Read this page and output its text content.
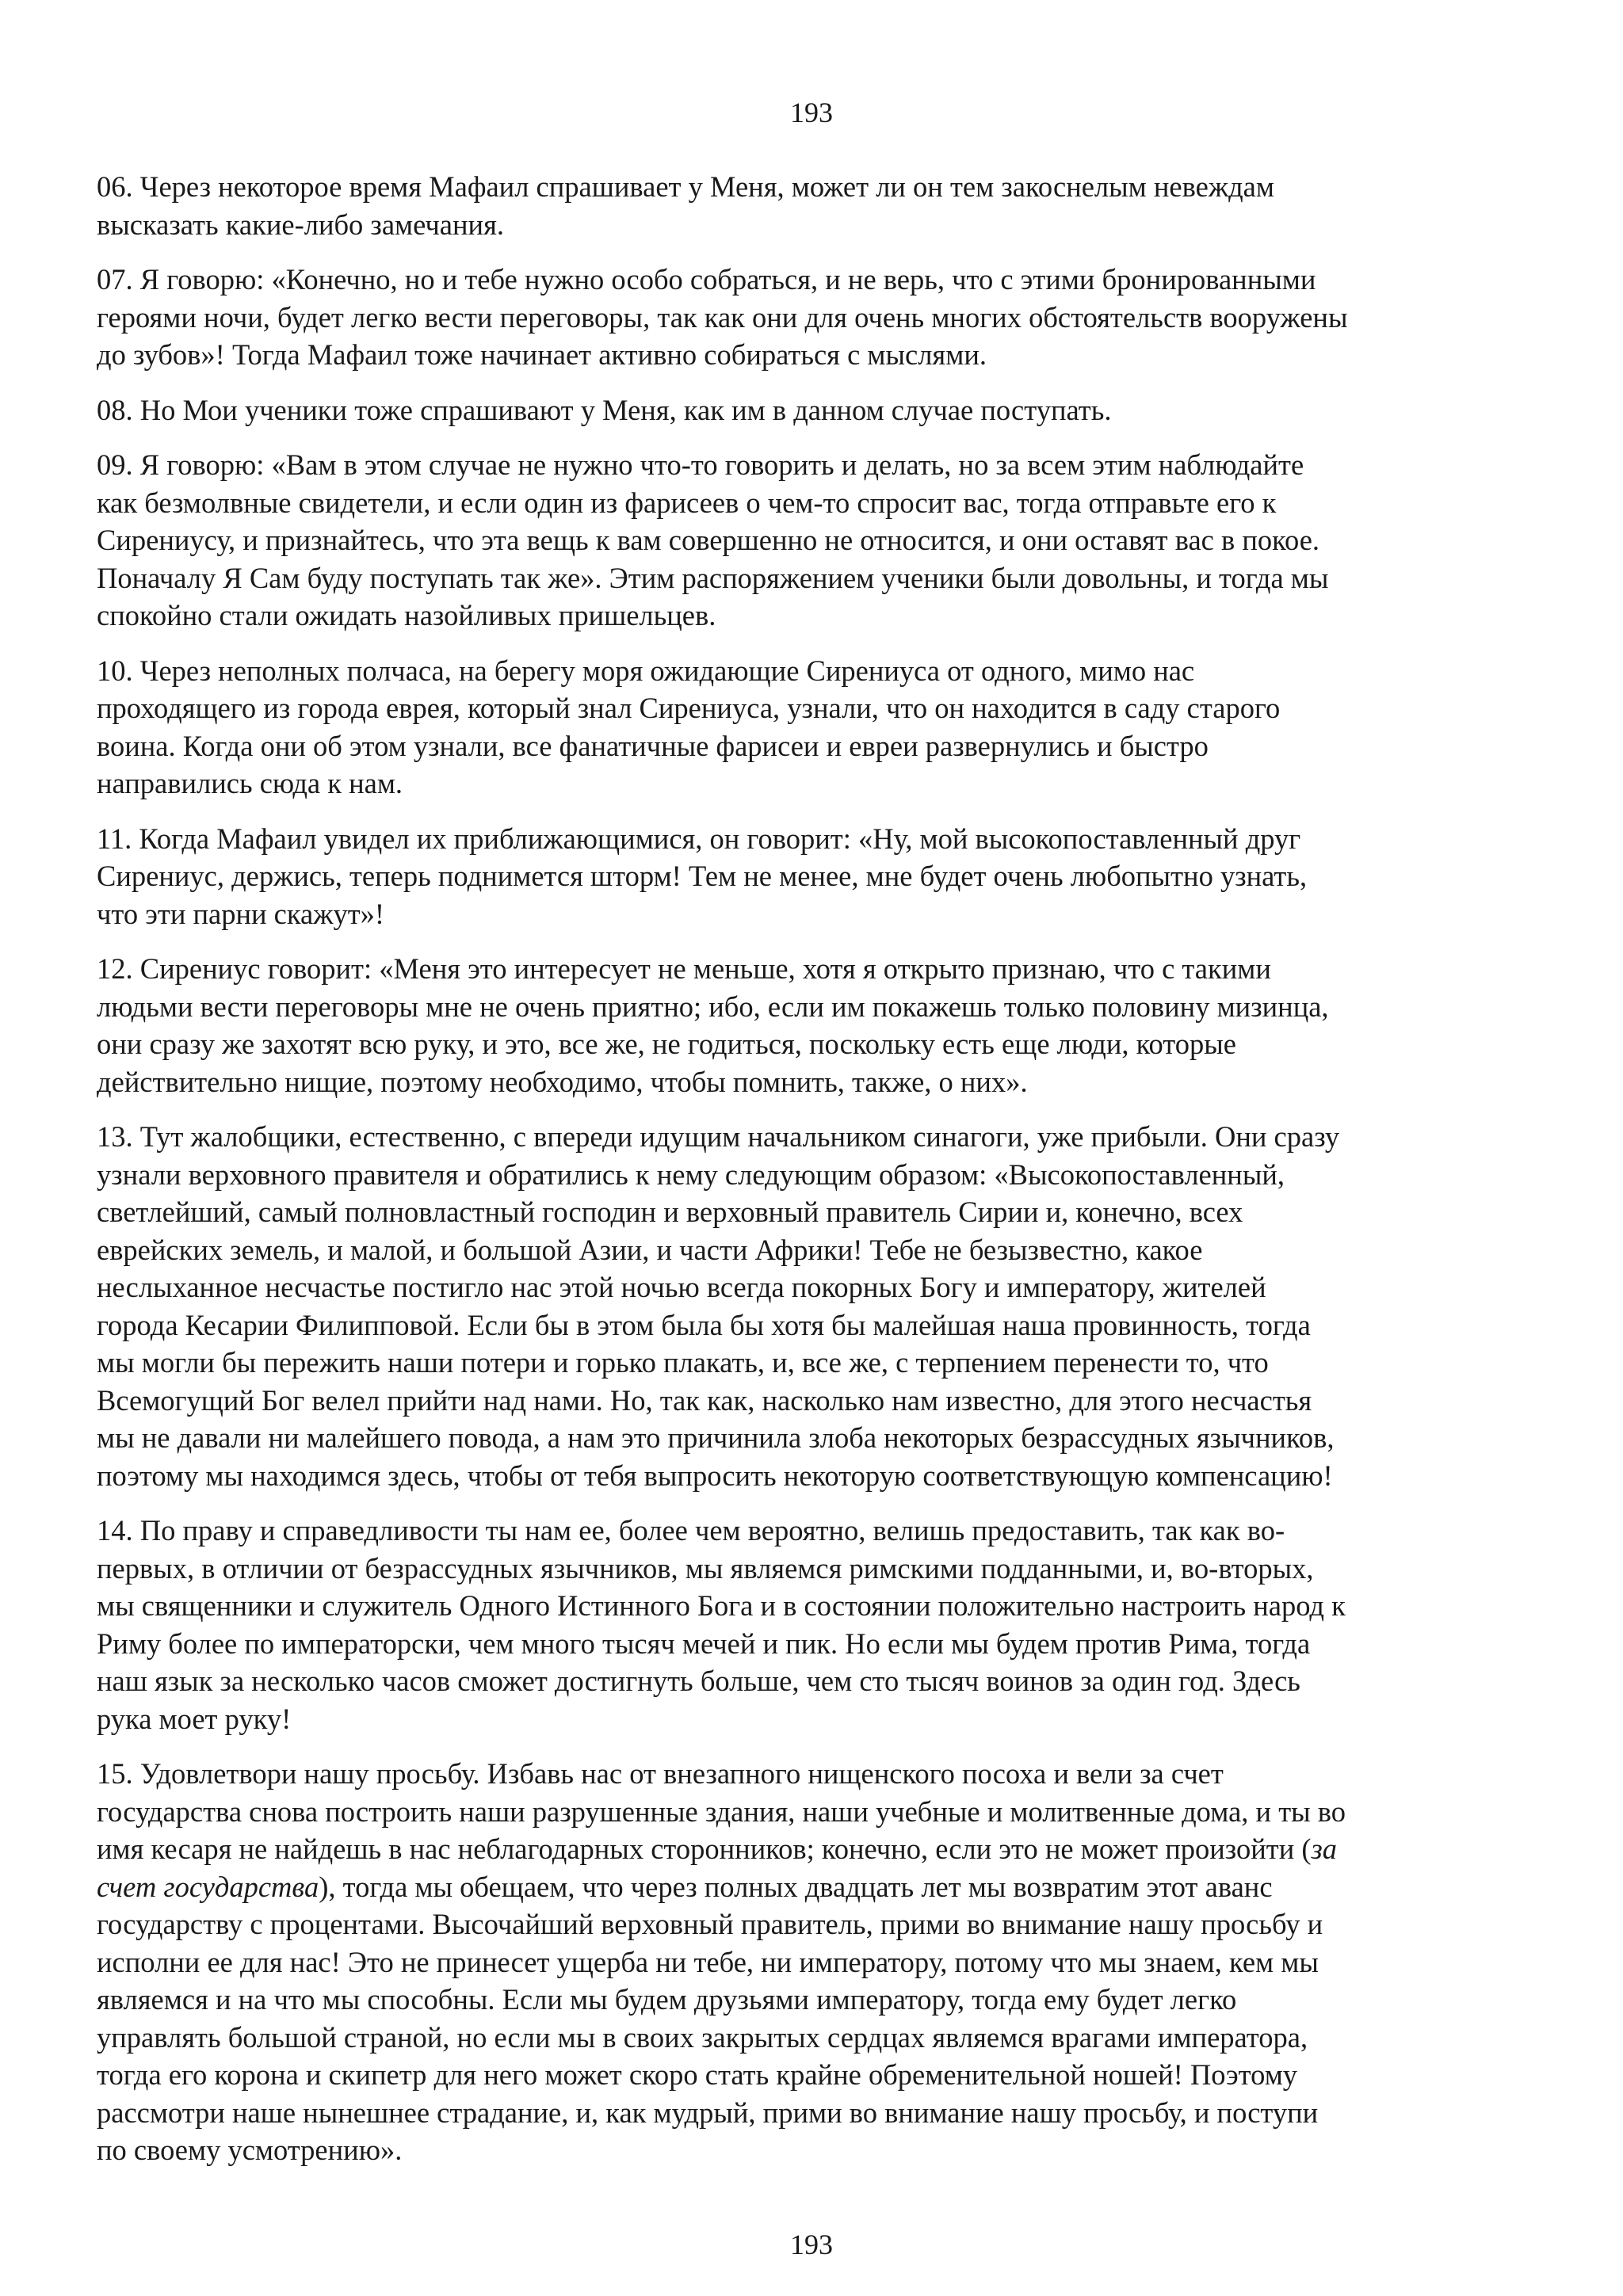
193

06. Через некоторое время Мафаил спрашивает у Меня, может ли он тем закоснелым невеждам
высказать какие-либо замечания.

07. Я говорю: «Конечно, но и тебе нужно особо собраться, и не верь, что с этими бронированными
героями ночи, будет легко вести переговоры, так как они для очень многих обстоятельств вооружены
до зубов»! Тогда Мафаил тоже начинает активно собираться с мыслями.

08. Но Мои ученики тоже спрашивают у Меня, как им в данном случае поступать.

09. Я говорю: «Вам в этом случае не нужно что-то говорить и делать, но за всем этим наблюдайте
как безмолвные свидетели, и если один из фарисеев о чем-то спросит вас, тогда отправьте его к
Сирениусу, и признайтесь, что эта вещь к вам совершенно не относится, и они оставят вас в покое.
Поначалу Я Сам буду поступать так же». Этим распоряжением ученики были довольны, и тогда мы
спокойно стали ожидать назойливых пришельцев.

10. Через неполных полчаса, на берегу моря ожидающие Сирениуса от одного, мимо нас
проходящего из города еврея, который знал Сирениуса, узнали, что он находится в саду старого
воина. Когда они об этом узнали, все фанатичные фарисеи и евреи развернулись и быстро
направились сюда к нам.

11. Когда Мафаил увидел их приближающимися, он говорит: «Ну, мой высокопоставленный друг
Сирениус, держись, теперь поднимется шторм! Тем не менее, мне будет очень любопытно узнать,
что эти парни скажут»!

12. Сирениус говорит: «Меня это интересует не меньше, хотя я открыто признаю, что с такими
людьми вести переговоры мне не очень приятно; ибо, если им покажешь только половину мизинца,
они сразу же захотят всю руку, и это, все же, не годиться, поскольку есть еще люди, которые
действительно нищие, поэтому необходимо, чтобы помнить, также, о них».

13. Тут жалобщики, естественно, с впереди идущим начальником синагоги, уже прибыли. Они сразу
узнали верховного правителя и обратились к нему следующим образом: «Высокопоставленный,
светлейший, самый полновластный господин и верховный правитель Сирии и, конечно, всех
еврейских земель, и малой, и большой Азии, и части Африки! Тебе не безызвестно, какое
неслыханное несчастье постигло нас этой ночью всегда покорных Богу и императору, жителей
города Кесарии Филипповой. Если бы в этом была бы хотя бы малейшая наша провинность, тогда
мы могли бы пережить наши потери и горько плакать, и, все же, с терпением перенести то, что
Всемогущий Бог велел прийти над нами. Но, так как, насколько нам известно, для этого несчастья
мы не давали ни малейшего повода, а нам это причинила злоба некоторых безрассудных язычников,
поэтому мы находимся здесь, чтобы от тебя выпросить некоторую соответствующую компенсацию!

14. По праву и справедливости ты нам ее, более чем вероятно, велишь предоставить, так как во-
первых, в отличии от безрассудных язычников, мы являемся римскими подданными, и, во-вторых,
мы священники и служитель Одного Истинного Бога и в состоянии положительно настроить народ к
Риму более по императорски, чем много тысяч мечей и пик. Но если мы будем против Рима, тогда
наш язык за несколько часов сможет достигнуть больше, чем сто тысяч воинов за один год. Здесь
рука моет руку!

15. Удовлетвори нашу просьбу. Избавь нас от внезапного нищенского посоха и вели за счет
государства снова построить наши разрушенные здания, наши учебные и молитвенные дома, и ты во
имя кесаря не найдешь в нас неблагодарных сторонников; конечно, если это не может произойти (за
счет государства), тогда мы обещаем, что через полных двадцать лет мы возвратим этот аванс
государству с процентами. Высочайший верховный правитель, прими во внимание нашу просьбу и
исполни ее для нас! Это не принесет ущерба ни тебе, ни императору, потому что мы знаем, кем мы
являемся и на что мы способны. Если мы будем друзьями императору, тогда ему будет легко
управлять большой страной, но если мы в своих закрытых сердцах являемся врагами императора,
тогда его корона и скипетр для него может скоро стать крайне обременительной ношей! Поэтому
рассмотри наше нынешнее страдание, и, как мудрый, прими во внимание нашу просьбу, и поступи
по своему усмотрению».

193
